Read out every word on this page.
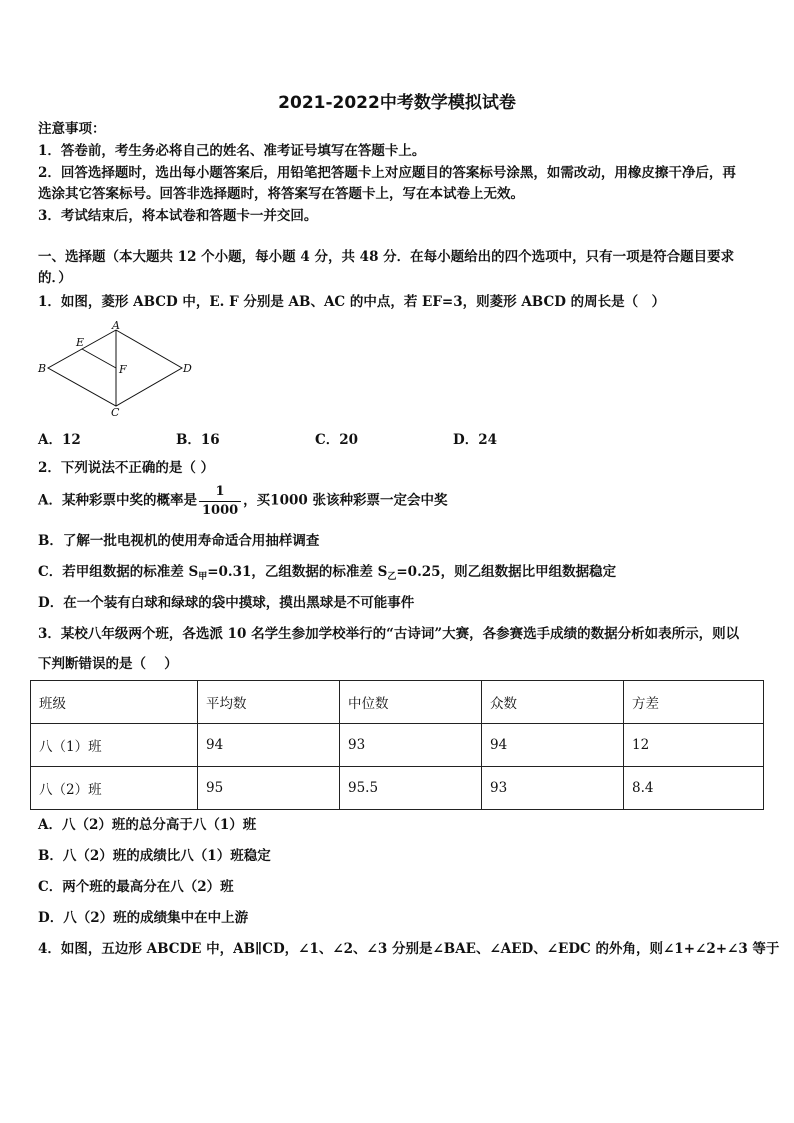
2021-2022中考数学模拟试卷
注意事项：
1．答卷前，考生务必将自己的姓名、准考证号填写在答题卡上。
2．回答选择题时，选出每小题答案后，用铅笔把答题卡上对应题目的答案标号涂黑，如需改动，用橡皮擦干净后，再
选涂其它答案标号。回答非选择题时，将答案写在答题卡上，写在本试卷上无效。
3．考试结束后，将本试卷和答题卡一并交回。
一、选择题（本大题共 12 个小题，每小题 4 分，共 48 分．在每小题给出的四个选项中，只有一项是符合题目要求
的．）
1．如图，菱形 ABCD 中，E. F 分别是 AB、AC 的中点，若 EF=3，则菱形 ABCD 的周长是（　）
A
B
C
D
E
F
A．12	B．16	C．20	D．24
2．下列说法不正确的是（ ）
A．某种彩票中奖的概率是 $\frac{1}{1000}$ ，买1000 张该种彩票一定会中奖
B．了解一批电视机的使用寿命适合用抽样调查
C．若甲组数据的标准差 $S_甲=0.31$，乙组数据的标准差 $S_乙=0.25$，则乙组数据比甲组数据稳定
D．在一个装有白球和绿球的袋中摸球，摸出黑球是不可能事件
3．某校八年级两个班，各选派 10 名学生参加学校举行的“古诗词”大赛，各参赛选手成绩的数据分析如表所示，则以
下判断错误的是（　 ）
班级	平均数	中位数	众数	方差
八（1）班	94	93	94	12
八（2）班	95	95.5	93	8.4
A．八（2）班的总分高于八（1）班
B．八（2）班的成绩比八（1）班稳定
C．两个班的最高分在八（2）班
D．八（2）班的成绩集中在中上游
4．如图，五边形 ABCDE 中，AB∥CD，∠1、∠2、∠3 分别是∠BAE、∠AED、∠EDC 的外角，则∠1+∠2+∠3 等于
